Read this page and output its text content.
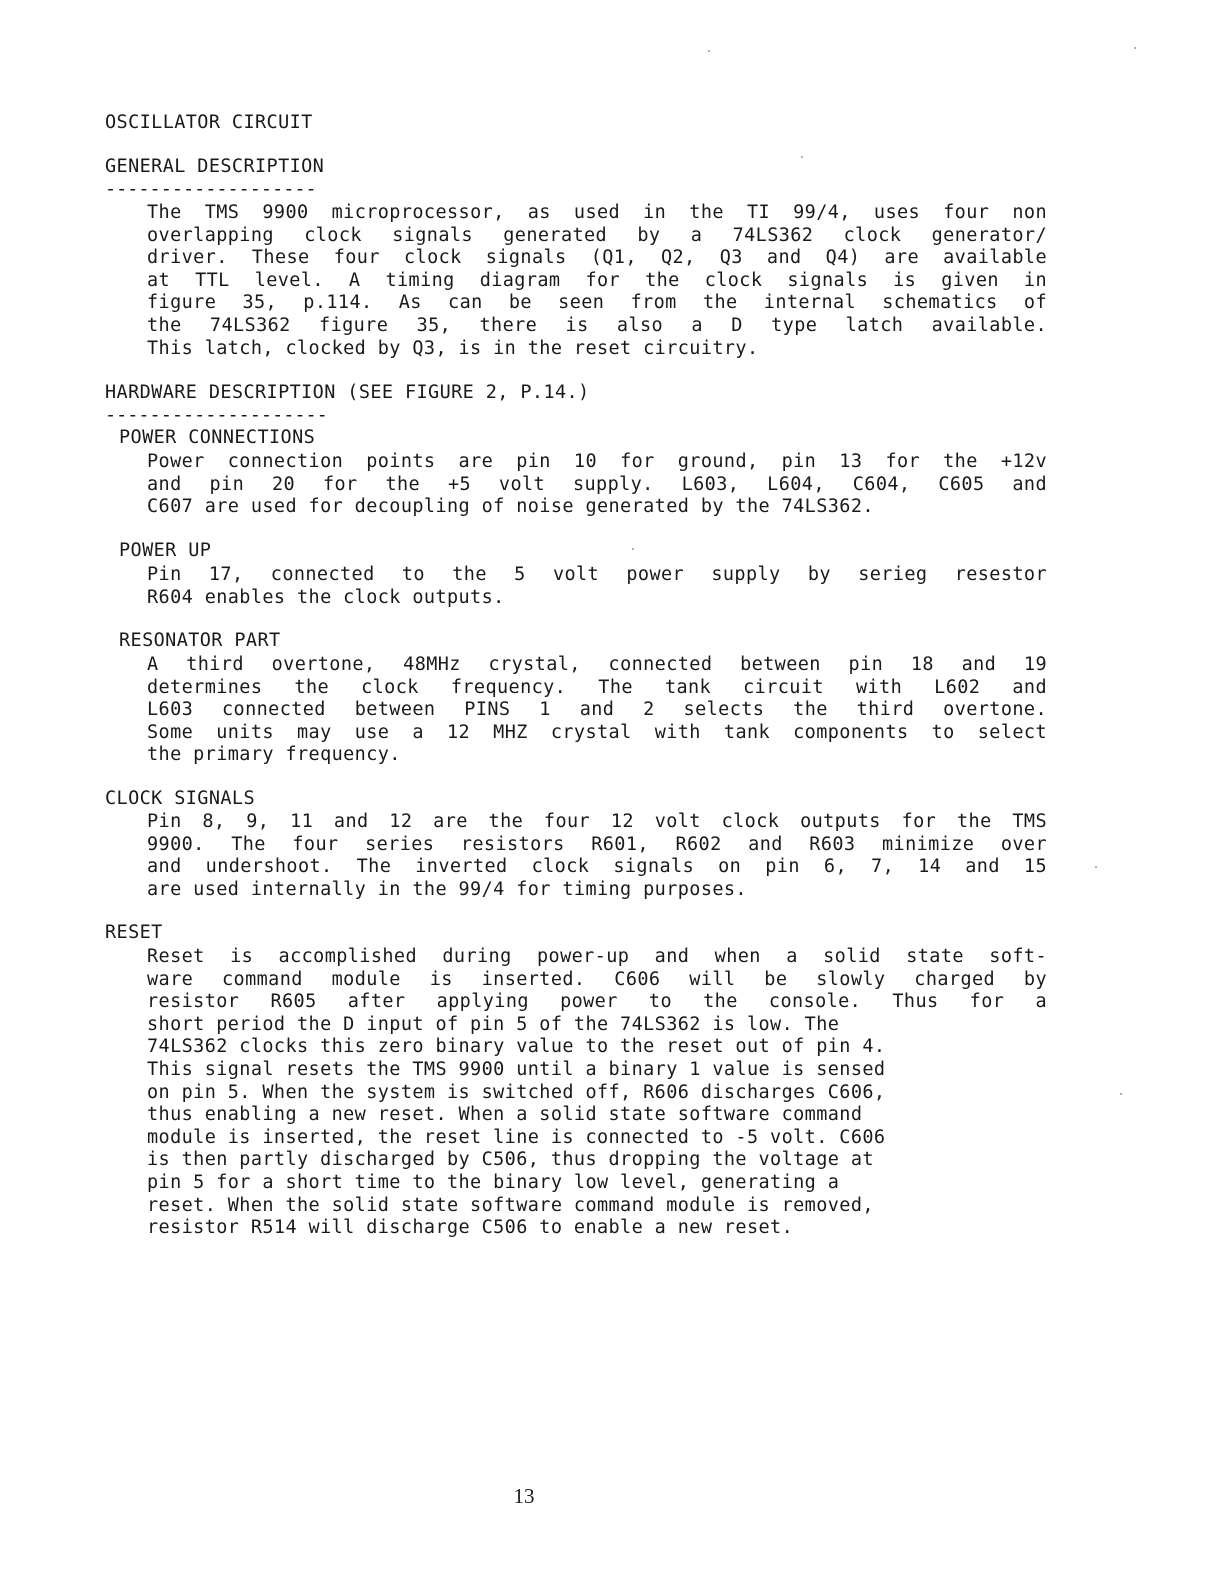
OSCILLATOR CIRCUIT
GENERAL DESCRIPTION
-------------------
The TMS 9900 microprocessor, as used in the TI 99/4, uses four non
overlapping clock signals generated by a 74LS362 clock generator/
driver. These four clock signals (Q1, Q2, Q3 and Q4) are available
at TTL level. A timing diagram for the clock signals is given in
figure 35, p.114. As can be seen from the internal schematics of
the 74LS362 figure 35, there is also a D type latch available.
This latch, clocked by Q3, is in the reset circuitry.
HARDWARE DESCRIPTION (SEE FIGURE 2, P.14.)
--------------------
POWER CONNECTIONS
Power connection points are pin 10 for ground, pin 13 for the +12v
and pin 20 for the +5 volt supply. L603, L604, C604, C605 and
C607 are used for decoupling of noise generated by the 74LS362.
POWER UP
Pin 17, connected to the 5 volt power supply by serieg resestor
R604 enables the clock outputs.
RESONATOR PART
A third overtone, 48MHz crystal, connected between pin 18 and 19
determines the clock frequency. The tank circuit with L602 and
L603 connected between PINS 1 and 2 selects the third overtone.
Some units may use a 12 MHZ crystal with tank components to select
the primary frequency.
CLOCK SIGNALS
Pin 8, 9, 11 and 12 are the four 12 volt clock outputs for the TMS
9900. The four series resistors R601, R602 and R603 minimize over
and undershoot. The inverted clock signals on pin 6, 7, 14 and 15
are used internally in the 99/4 for timing purposes.
RESET
Reset is accomplished during power-up and when a solid state soft-
ware command module is inserted. C606 will be slowly charged by
resistor R605 after applying power to the console. Thus for a
short period the D input of pin 5 of the 74LS362 is low. The
74LS362 clocks this zero binary value to the reset out of pin 4.
This signal resets the TMS 9900 until a binary 1 value is sensed
on pin 5. When the system is switched off, R606 discharges C606,
thus enabling a new reset. When a solid state software command
module is inserted, the reset line is connected to -5 volt. C606
is then partly discharged by C506, thus dropping the voltage at
pin 5 for a short time to the binary low level, generating a
reset. When the solid state software command module is removed,
resistor R514 will discharge C506 to enable a new reset.
13
